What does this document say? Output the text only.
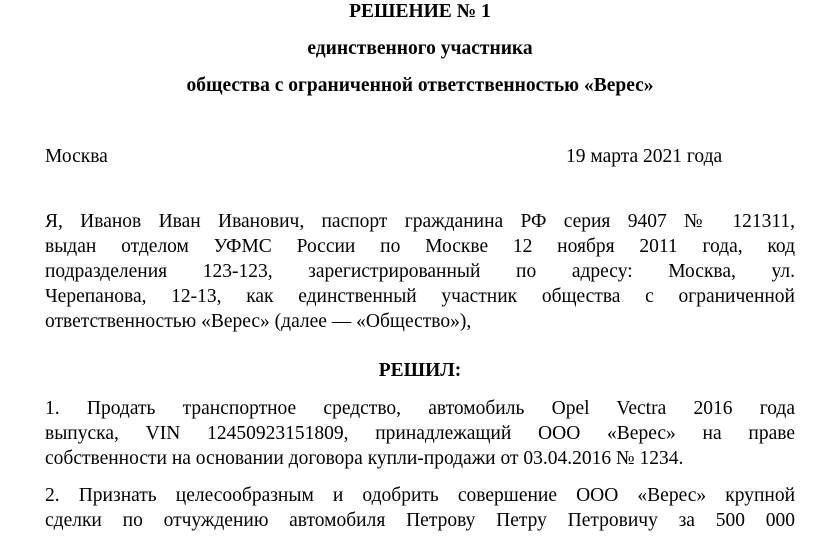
РЕШЕНИЕ № 1
единственного участника
общества с ограниченной ответственностью «Верес»
Москва	19 марта 2021 года
Я, Иванов Иван Иванович, паспорт гражданина РФ серия 9407 № 121311,
выдан отделом УФМС России по Москве 12 ноября 2011 года, код
подразделения 123-123, зарегистрированный по адресу: Москва, ул.
Черепанова, 12-13, как единственный участник общества с ограниченной
ответственностью «Верес» (далее — «Общество»),
РЕШИЛ:
1. Продать транспортное средство, автомобиль Opel Vectra 2016 года
выпуска, VIN 12450923151809, принадлежащий ООО «Верес» на праве
собственности на основании договора купли-продажи от 03.04.2016 № 1234.
2. Признать целесообразным и одобрить совершение ООО «Верес» крупной
сделки по отчуждению автомобиля Петрову Петру Петровичу за 500 000
